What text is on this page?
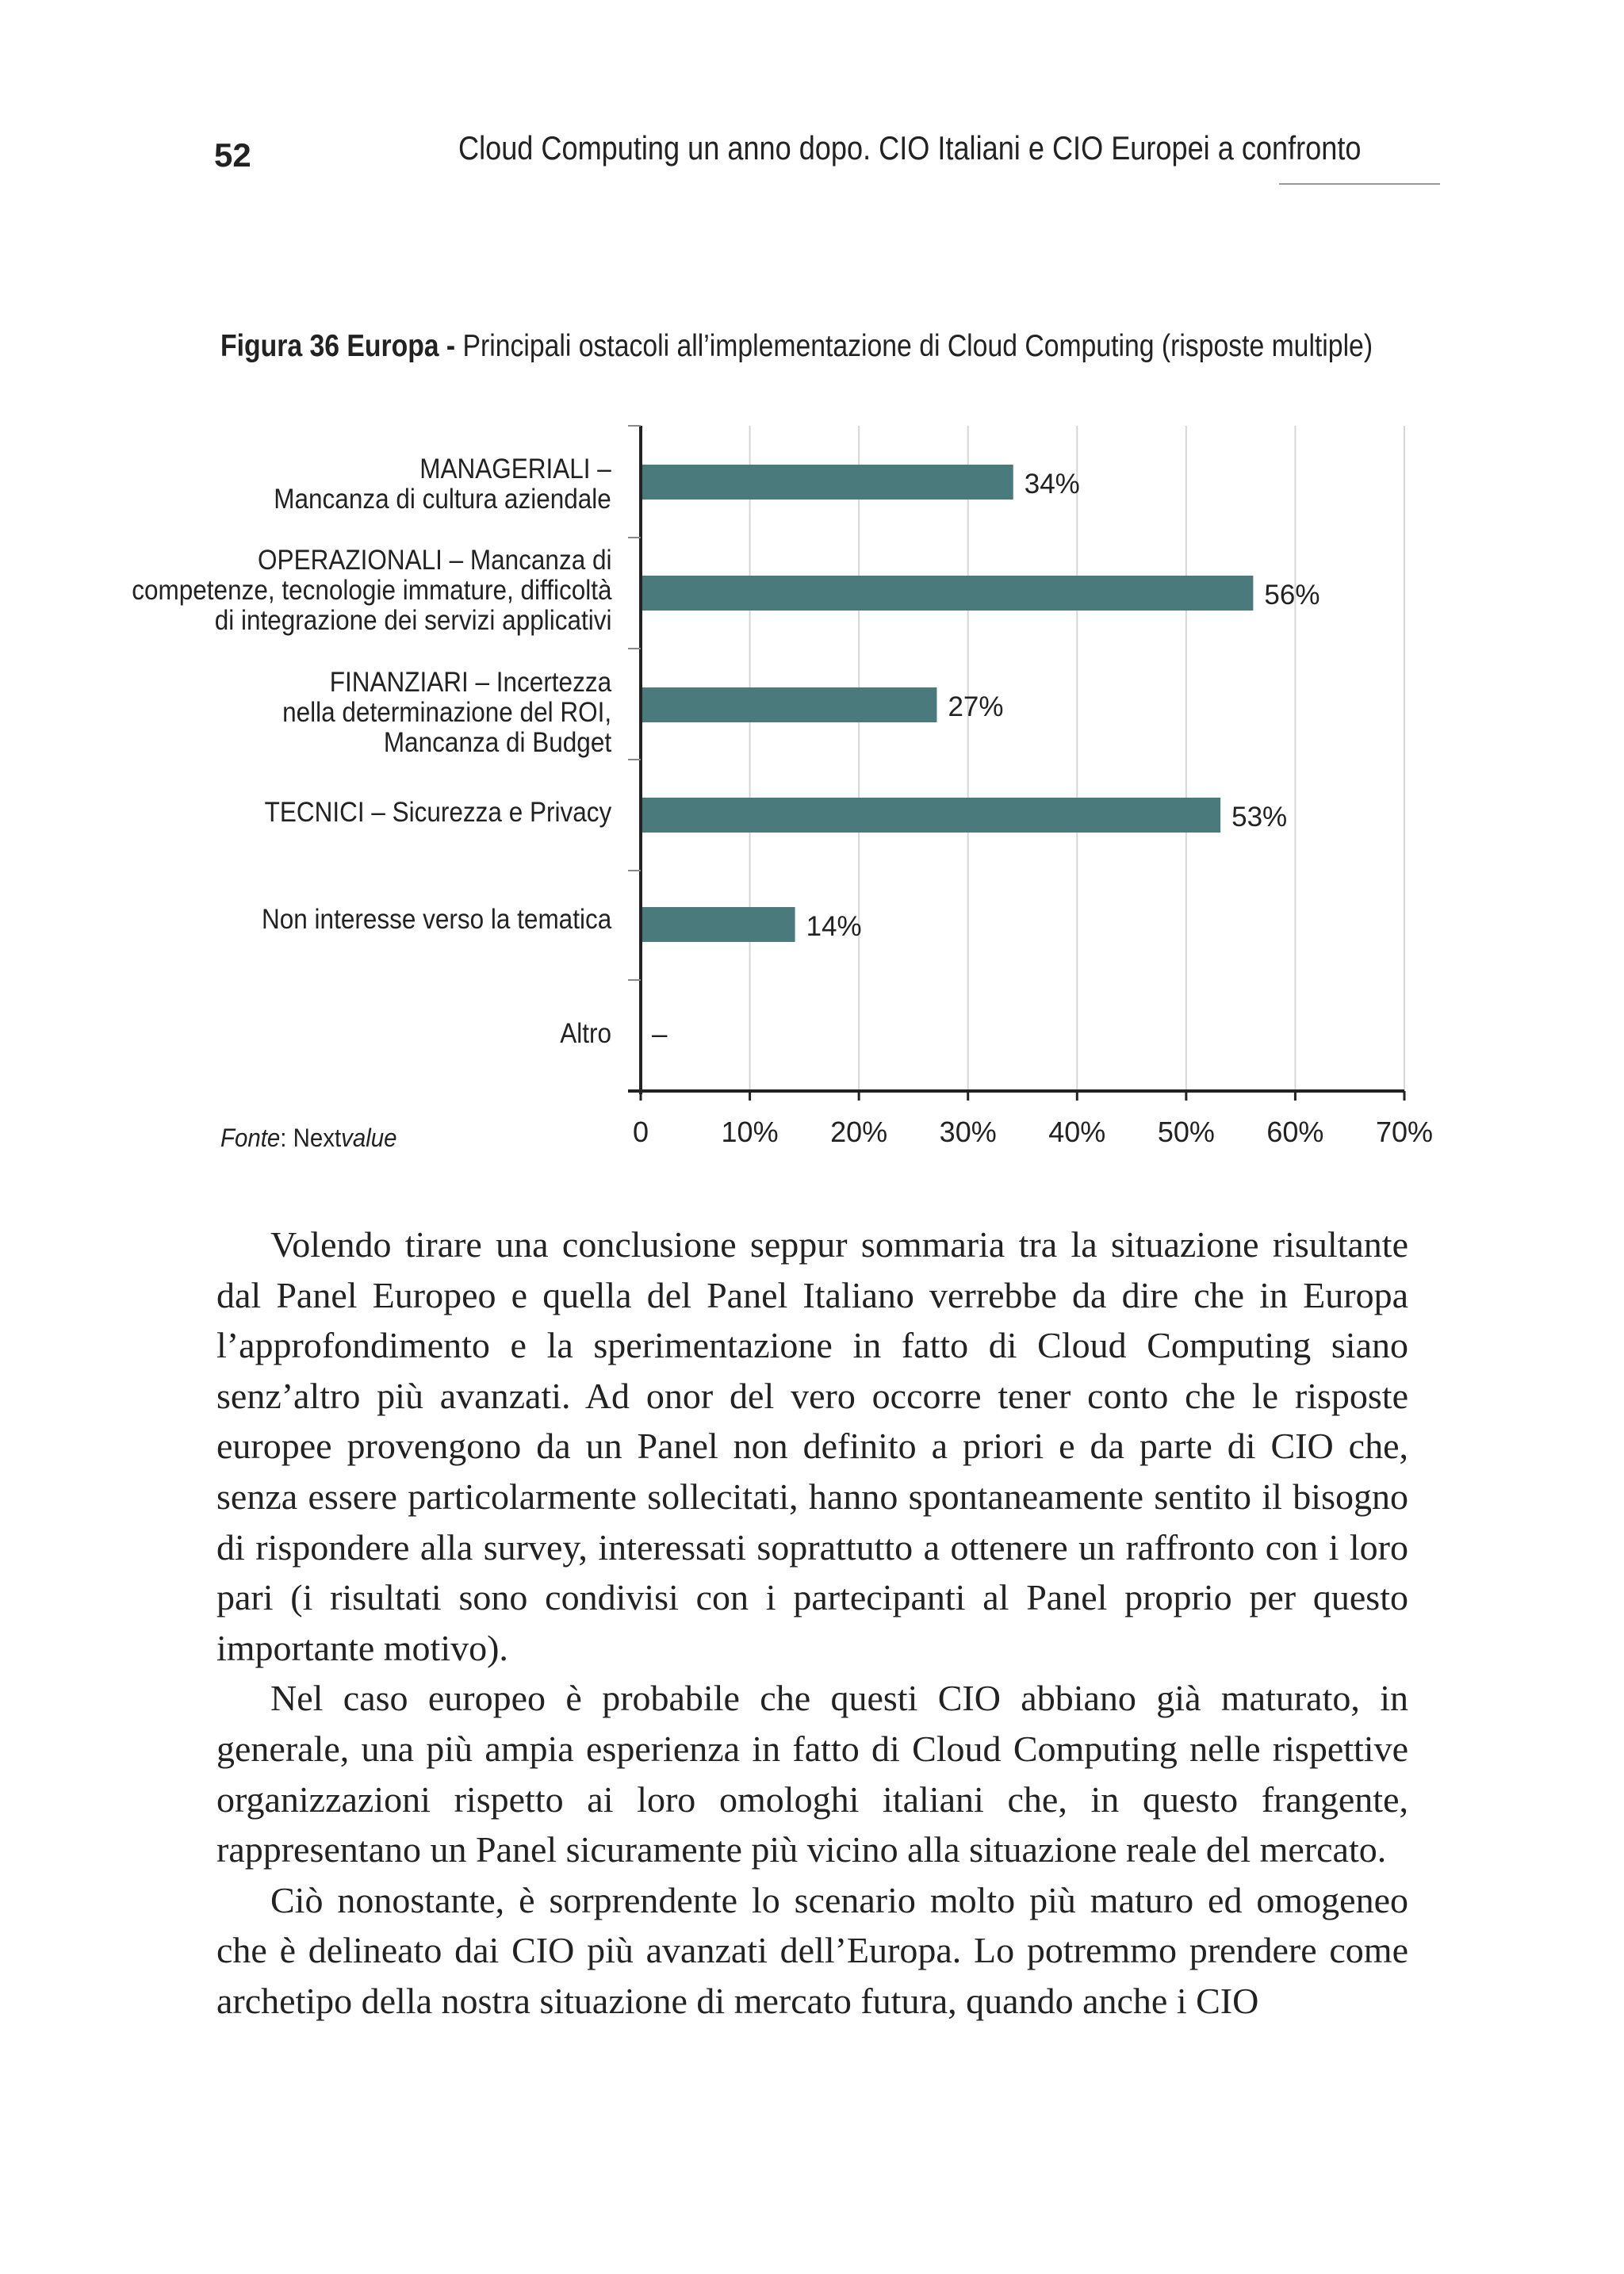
52	Cloud Computing un anno dopo. CIO Italiani e CIO Europei a confronto
Figura 36 Europa - Principali ostacoli all’implementazione di Cloud Computing (risposte multiple)
0	10% 20% 30% 40% 50% 60% 70%
34%
56%
27%
53%
14%
–
MANAGERIALI –
Mancanza di cultura aziendale
OPERAZIONALI – Mancanza di
competenze, tecnologie immature, difficoltà
di integrazione dei servizi applicativi
FINANZIARI – Incertezza
nella determinazione del ROI,
Mancanza di Budget
TECNICI – Sicurezza e Privacy
Non interesse verso la tematica
Altro
Fonte: Nextvalue

Volendo tirare una conclusione seppur sommaria tra la situazione risultante dal Panel Europeo e quella del Panel Italiano verrebbe da dire che in Europa l’approfondimento e la sperimentazione in fatto di Cloud Computing siano senz’altro più avanzati. Ad onor del vero occorre tener conto che le risposte europee provengono da un Panel non definito a priori e da parte di CIO che, senza essere particolarmente sollecitati, hanno spontaneamente sentito il bisogno di rispondere alla survey, interessati soprattutto a ottenere un raffronto con i loro pari (i risultati sono condivisi con i partecipanti al Panel proprio per questo importante motivo).

Nel caso europeo è probabile che questi CIO abbiano già maturato, in generale, una più ampia esperienza in fatto di Cloud Computing nelle rispettive organizzazioni rispetto ai loro omologhi italiani che, in questo frangente, rappresentano un Panel sicuramente più vicino alla situazione reale del mercato.

Ciò nonostante, è sorprendente lo scenario molto più maturo ed omogeneo che è delineato dai CIO più avanzati dell’Europa. Lo potremmo prendere come archetipo della nostra situazione di mercato futura, quando anche i CIO
